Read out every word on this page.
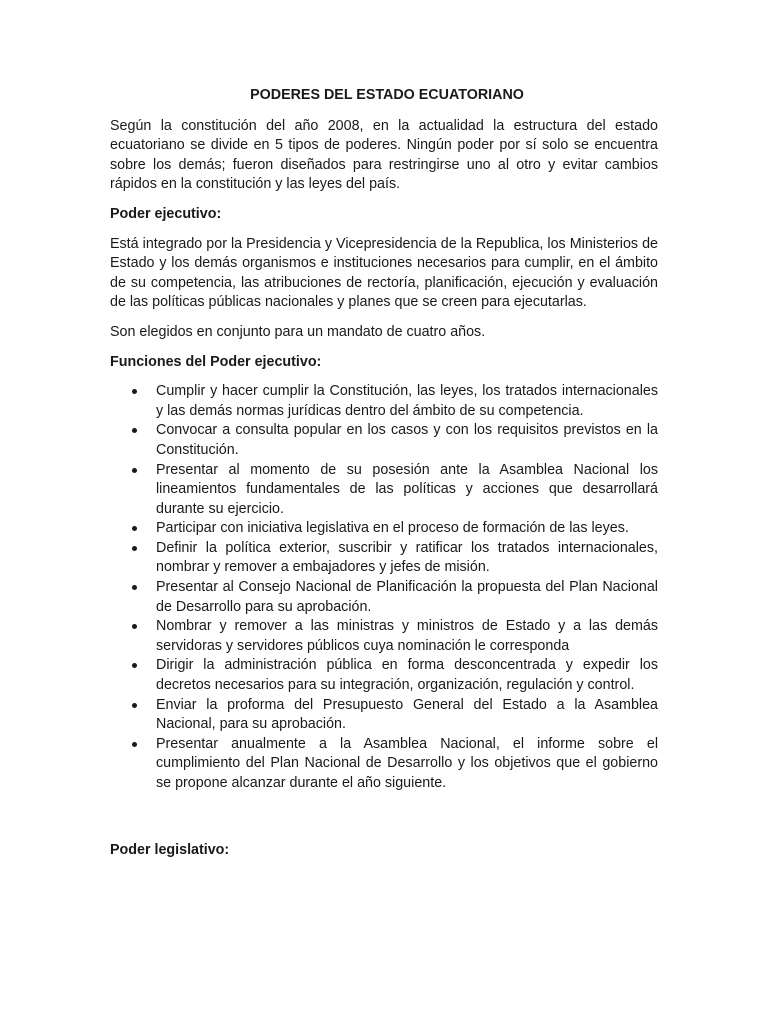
PODERES DEL ESTADO ECUATORIANO

Según la constitución del año 2008, en la actualidad la estructura del estado ecuatoriano se divide en 5 tipos de poderes. Ningún poder por sí solo se encuentra sobre los demás; fueron diseñados para restringirse uno al otro y evitar cambios rápidos en la constitución y las leyes del país.

Poder ejecutivo:

Está integrado por la Presidencia y Vicepresidencia de la Republica, los Ministerios de Estado y los demás organismos e instituciones necesarios para cumplir, en el ámbito de su competencia, las atribuciones de rectoría, planificación, ejecución y evaluación de las políticas públicas nacionales y planes que se creen para ejecutarlas.

Son elegidos en conjunto para un mandato de cuatro años.

Funciones del Poder ejecutivo:
Cumplir y hacer cumplir la Constitución, las leyes, los tratados internacionales y las demás normas jurídicas dentro del ámbito de su competencia.
Convocar a consulta popular en los casos y con los requisitos previstos en la Constitución.
Presentar al momento de su posesión ante la Asamblea Nacional los lineamientos fundamentales de las políticas y acciones que desarrollará durante su ejercicio.
Participar con iniciativa legislativa en el proceso de formación de las leyes.
Definir la política exterior, suscribir y ratificar los tratados internacionales, nombrar y remover a embajadores y jefes de misión.
Presentar al Consejo Nacional de Planificación la propuesta del Plan Nacional de Desarrollo para su aprobación.
Nombrar y remover a las ministras y ministros de Estado y a las demás servidoras y servidores públicos cuya nominación le corresponda
Dirigir la administración pública en forma desconcentrada y expedir los decretos necesarios para su integración, organización, regulación y control.
Enviar la proforma del Presupuesto General del Estado a la Asamblea Nacional, para su aprobación.
Presentar anualmente a la Asamblea Nacional, el informe sobre el cumplimiento del Plan Nacional de Desarrollo y los objetivos que el gobierno se propone alcanzar durante el año siguiente.
Poder legislativo:
